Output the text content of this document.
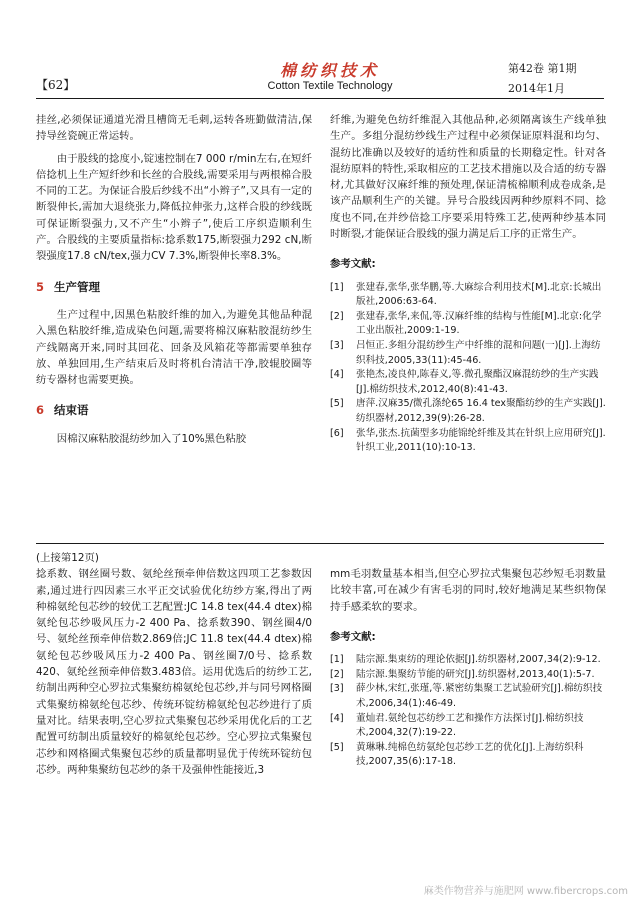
【62】
棉纺织技术
Cotton Textile Technology
第42卷 第1期
2014年1月

挂丝,必须保证通道光滑且槽筒无毛刺,运转各班勤做清洁,保持导丝瓷碗正常运转。

由于股线的捻度小,锭速控制在7 000 r/min左右,在短纤倍捻机上生产短纤纱和长丝的合股线,需要采用与两根棉合股不同的工艺。为保证合股后纱线不出“小辫子”,又具有一定的断裂伸长,需加大退绕张力,降低拉伸张力,这样合股的纱线既可保证断裂强力,又不产生“小辫子”,使后工序织造顺利生产。合股线的主要质量指标:捻系数175,断裂强力292 cN,断裂强度17.8 cN/tex,强力CV 7.3%,断裂伸长率8.3%。

5 生产管理

生产过程中,因黑色粘胶纤维的加入,为避免其他品种混入黑色粘胶纤维,造成染色问题,需要将棉汉麻粘胶混纺纱生产线隔离开来,同时其回花、回条及风箱花等都需要单独存放、单独回用,生产结束后及时将机台清洁干净,胶辊胶圈等纺专器材也需要更换。

6 结束语

因棉汉麻粘胶混纺纱加入了10%黑色粘胶

纤维,为避免色纺纤维混入其他品种,必须隔离该生产线单独生产。多组分混纺纱线生产过程中必须保证原料混和均匀、混纺比准确以及较好的适纺性和质量的长期稳定性。针对各混纺原料的特性,采取相应的工艺技术措施以及合适的纺专器材,尤其做好汉麻纤维的预处理,保证清梳棉顺利成卷成条,是该产品顺利生产的关键。异号合股线因两种纱原料不同、捻度也不同,在并纱倍捻工序要采用特殊工艺,使两种纱基本同时断裂,才能保证合股线的强力满足后工序的正常生产。

参考文献:

[1]	张建春,张华,张华鹏,等.大麻综合利用技术[M].北京:长城出版社,2006:63-64.
[2]	张建春,张华,来侃,等.汉麻纤维的结构与性能[M].北京:化学工业出版社,2009:1-19.
[3]	吕恒正.多组分混纺纱生产中纤维的混和问题(一)[J].上海纺织科技,2005,33(11):45-46.
[4]	张艳杰,凌良仲,陈春义,等.微孔聚酯汉麻混纺纱的生产实践[J].棉纺织技术,2012,40(8):41-43.
[5]	唐萍.汉麻35/微孔涤纶65 16.4 tex聚酯纺纱的生产实践[J].纺织器材,2012,39(9):26-28.
[6]	张华,张杰.抗菌型多功能锦纶纤维及其在针织上应用研究[J].针织工业,2011(10):10-13.

(上接第12页)

捻系数、钢丝圈号数、氨纶丝预牵伸倍数这四项工艺参数因素,通过进行四因素三水平正交试验优化纺纱方案,得出了两种棉氨纶包芯纱的较优工艺配置:JC 14.8 tex(44.4 dtex)棉氨纶包芯纱吸风压力-2 400 Pa、捻系数390、钢丝圈4/0号、氨纶丝预牵伸倍数2.869倍;JC 11.8 tex(44.4 dtex)棉氨纶包芯纱吸风压力-2 400 Pa、钢丝圈7/0号、捻系数420、氨纶丝预牵伸倍数3.483倍。运用优选后的纺纱工艺,纺制出两种空心罗拉式集聚纺棉氨纶包芯纱,并与同号网格圈式集聚纺棉氨纶包芯纱、传统环锭纺棉氨纶包芯纱进行了质量对比。结果表明,空心罗拉式集聚包芯纱采用优化后的工艺配置可纺制出质量较好的棉氨纶包芯纱。空心罗拉式集聚包芯纱和网格圈式集聚包芯纱的质量都明显优于传统环锭纺包芯纱。两种集聚纺包芯纱的条干及强伸性能接近,3

mm毛羽数量基本相当,但空心罗拉式集聚包芯纱短毛羽数量比较丰富,可在减少有害毛羽的同时,较好地满足某些织物保持手感柔软的要求。

参考文献:

[1]	陆宗源.集束纺的理论依据[J].纺织器材,2007,34(2):9-12.
[2]	陆宗源.集聚纺节能的研究[J].纺织器材,2013,40(1):5-7.
[3]	薛少林,宋红,张瑾,等.紧密纺集聚工艺试验研究[J].棉纺织技术,2006,34(1):46-49.
[4]	董灿君.氨纶包芯纺纱工艺和操作方法探讨[J].棉纺织技术,2004,32(7):19-22.
[5]	黄琳琳.纯棉色纺氨纶包芯纱工艺的优化[J].上海纺织科技,2007,35(6):17-18.
麻类作物营养与施肥网 www.fibercrops.com
